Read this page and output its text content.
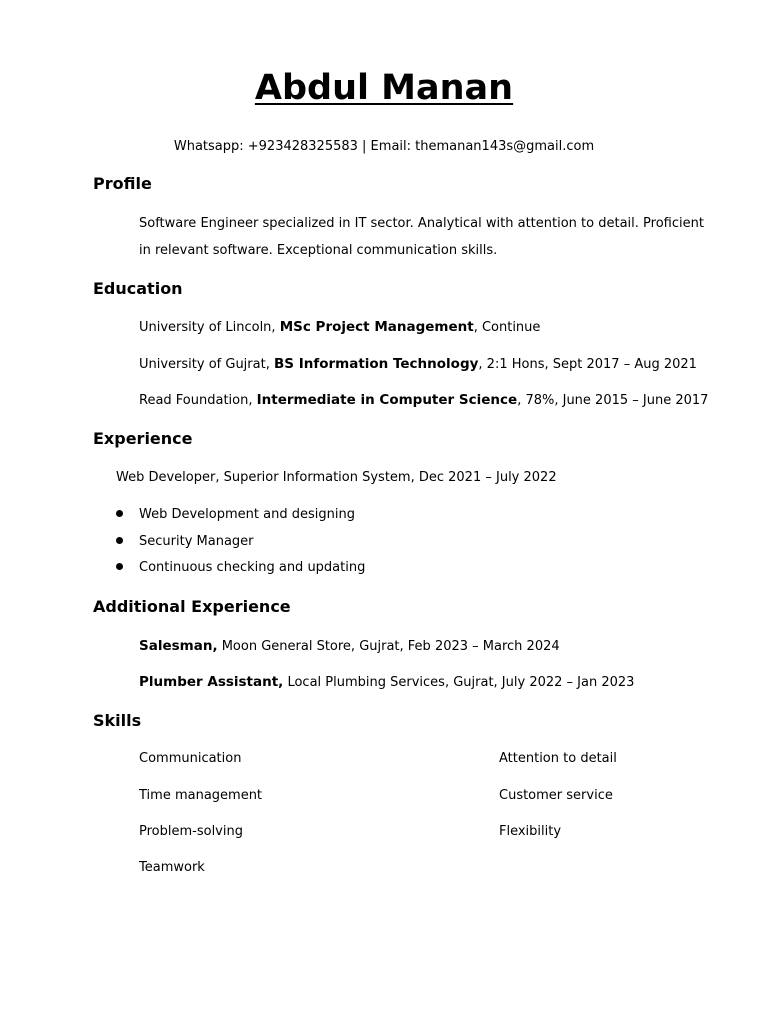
Abdul Manan
Whatsapp: +923428325583 | Email: themanan143s@gmail.com
Profile
Software Engineer specialized in IT sector. Analytical with attention to detail. Proficient in relevant software. Exceptional communication skills.
Education
University of Lincoln, MSc Project Management, Continue
University of Gujrat, BS Information Technology, 2:1 Hons, Sept 2017 – Aug 2021
Read Foundation, Intermediate in Computer Science, 78%, June 2015 – June 2017
Experience
Web Developer, Superior Information System, Dec 2021 – July 2022
Web Development and designing
Security Manager
Continuous checking and updating
Additional Experience
Salesman, Moon General Store, Gujrat, Feb 2023 – March 2024
Plumber Assistant, Local Plumbing Services, Gujrat, July 2022 – Jan 2023
Skills
Communication	Attention to detail
Time management	Customer service
Problem-solving	Flexibility
Teamwork
